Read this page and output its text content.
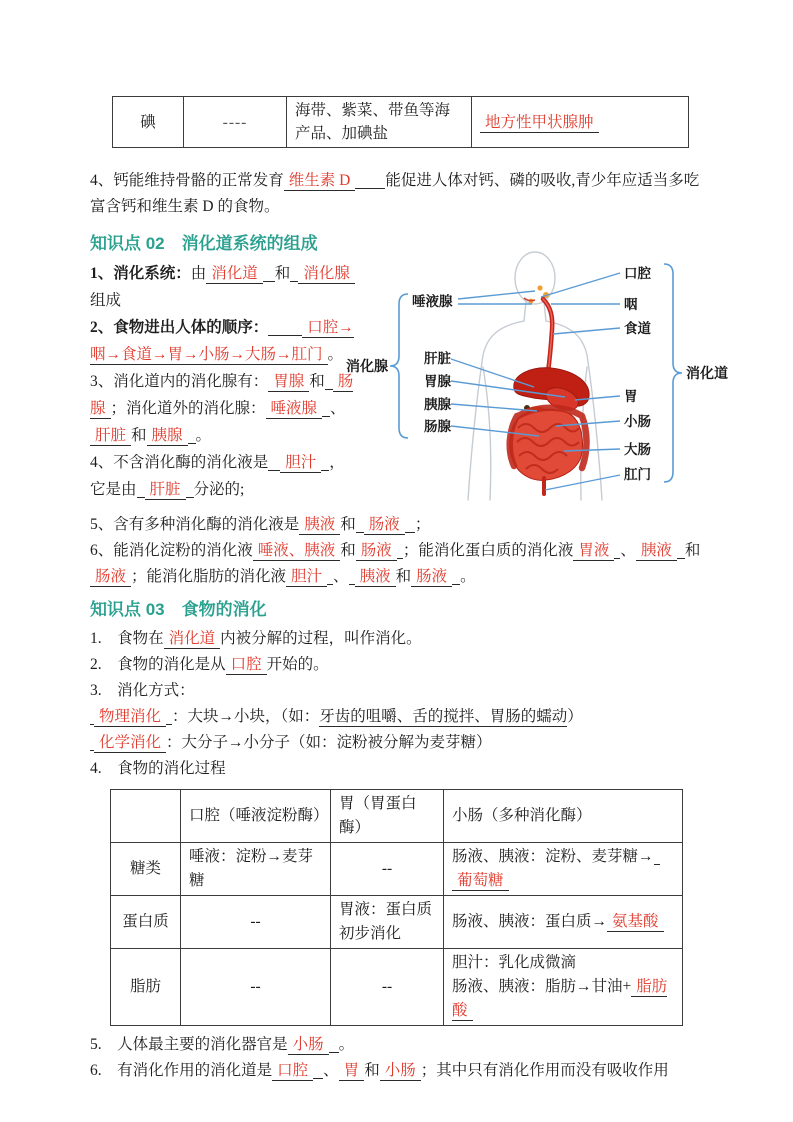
碘	----	海带、紫菜、带鱼等海产品、加碘盐	地方性甲状腺肿

4、钙能维持骨骼的正常发育 维生素 D 能促进人体对钙、磷的吸收,青少年应适当多吃富含钙和维生素 D 的食物。

知识点 02　消化道系统的组成

1、消化系统：由 消化道 和 消化腺组成

2、食物进出人体的顺序：	口腔→咽→食道→胃→小肠→大肠→肛门 。

3、消化道内的消化腺有： 胃腺 和 肠腺 ；消化道外的消化腺： 唾液腺 、肝脏 和 胰腺 。

4、不含消化酶的消化液是 胆汁 ，它是由 肝脏 分泌的;

唾液腺
消化腺
肝脏
胃腺
胰腺
肠腺
口腔
咽
食道
胃
小肠
大肠
肛门
消化道

5、含有多种消化酶的消化液是 胰液 和 肠液 ；

6、能消化淀粉的消化液 唾液、胰液 和 肠液 ；能消化蛋白质的消化液 胃液 、 胰液 和肠液 ；能消化脂肪的消化液 胆汁 、 胰液 和 肠液 。

知识点 03　食物的消化

1.　食物在 消化道 内被分解的过程，叫作消化。

2.　食物的消化是从 口腔 开始的。

3.　消化方式：

物理消化 ：大块→小块，（如：牙齿的咀嚼、舌的搅拌、胃肠的蠕动）

化学消化 ：大分子→小分子（如：淀粉被分解为麦芽糖）

4.　食物的消化过程

	口腔（唾液淀粉酶）	胃（胃蛋白酶）	小肠（多种消化酶）
糖类	唾液：淀粉→麦芽糖	--	肠液、胰液：淀粉、麦芽糖→葡萄糖
蛋白质	--	胃液：蛋白质初步消化	肠液、胰液：蛋白质→ 氨基酸
脂肪	--	--	胆汁：乳化成微滴
肠液、胰液：脂肪→甘油+ 脂肪酸

5.　人体最主要的消化器官是 小肠 。

6.　有消化作用的消化道是 口腔 、 胃 和 小肠 ；其中只有消化作用而没有吸收作用
